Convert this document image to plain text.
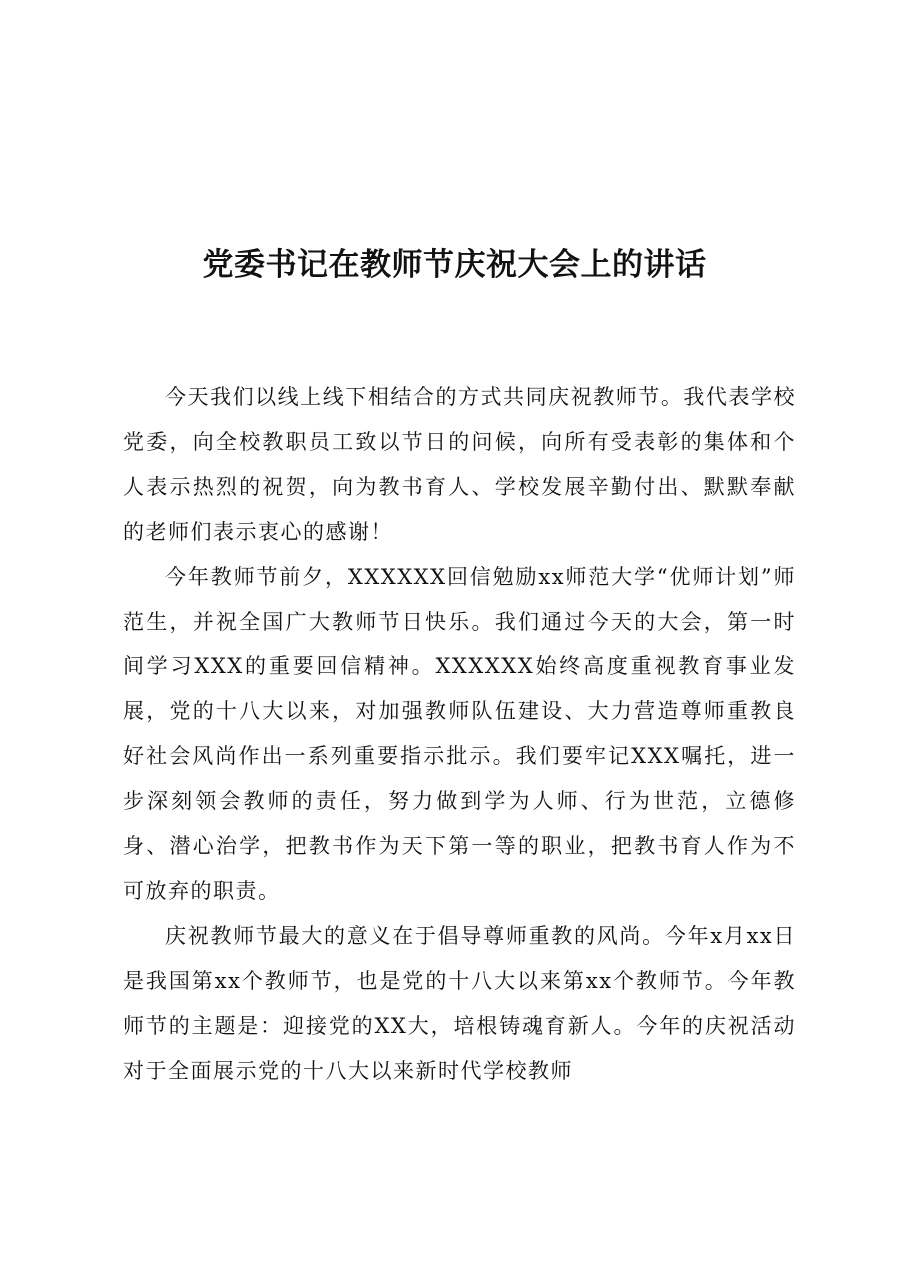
党委书记在教师节庆祝大会上的讲话

今天我们以线上线下相结合的方式共同庆祝教师节。我代表学校党委，向全校教职员工致以节日的问候，向所有受表彰的集体和个人表示热烈的祝贺，向为教书育人、学校发展辛勤付出、默默奉献的老师们表示衷心的感谢！

今年教师节前夕，XXXXXX回信勉励xx师范大学“优师计划”师范生，并祝全国广大教师节日快乐。我们通过今天的大会，第一时间学习XXX的重要回信精神。XXXXXX始终高度重视教育事业发展，党的十八大以来，对加强教师队伍建设、大力营造尊师重教良好社会风尚作出一系列重要指示批示。我们要牢记XXX嘱托，进一步深刻领会教师的责任，努力做到学为人师、行为世范，立德修身、潜心治学，把教书作为天下第一等的职业，把教书育人作为不可放弃的职责。

庆祝教师节最大的意义在于倡导尊师重教的风尚。今年x月xx日是我国第xx个教师节，也是党的十八大以来第xx个教师节。今年教师节的主题是：迎接党的XX大，培根铸魂育新人。今年的庆祝活动对于全面展示党的十八大以来新时代学校教师
